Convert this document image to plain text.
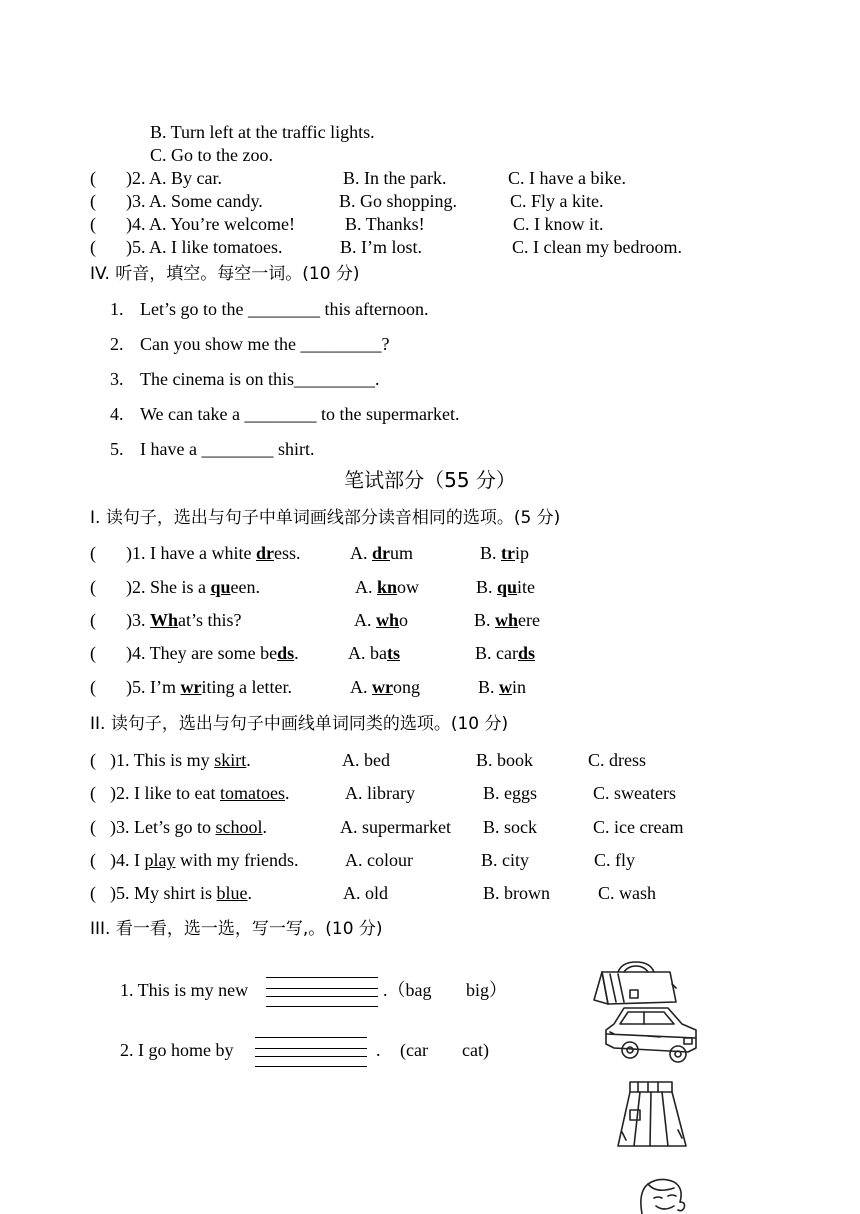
B. Turn left at the traffic lights.
C. Go to the zoo.
( )2. A. By car.	B. In the park.	C. I have a bike.
( )3. A. Some candy.	B. Go shopping.	C. Fly a kite.
( )4. A. You’re welcome!	B. Thanks!	C. I know it.
( )5. A. I like tomatoes.	B. I’m lost.	C. I clean my bedroom.
IV. 听音，填空。每空一词。(10 分)
1. Let’s go to the ________ this afternoon.
2. Can you show me the _________?
3. The cinema is on this_________.
4. We can take a ________ to the supermarket.
5. I have a ________ shirt.
笔试部分（55 分）
I. 读句子，选出与句子中单词画线部分读音相同的选项。(5 分)
( )1. I have a white dress.	A. drum	B. trip
( )2. She is a queen.	A. know	B. quite
( )3. What’s this?	A. who	B. where
( )4. They are some beds.	A. bats	B. cards
( )5. I’m writing a letter.	A. wrong	B. win
II. 读句子，选出与句子中画线单词同类的选项。(10 分)
( )1. This is my skirt.	A. bed	B. book	C. dress
( )2. I like to eat tomatoes.	A. library	B. eggs	C. sweaters
( )3. Let’s go to school.	A. supermarket B. sock	C. ice cream
( )4. I play with my friends.	A. colour	B. city	C. fly
( )5. My shirt is blue.	A. old	B. brown	C. wash
III. 看一看，选一选，写一写,。(10 分)
1. This is my new	.（bag big）
2. I go home by	. (car cat)
